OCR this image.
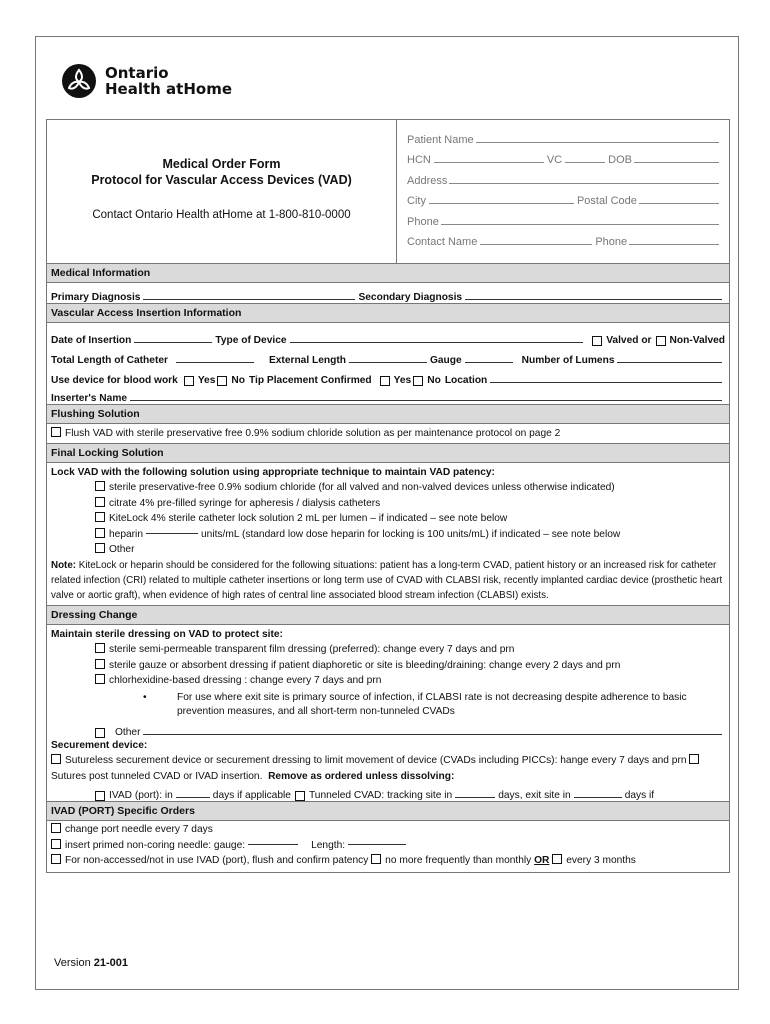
Ontario
Health atHome
Medical Order Form
Protocol for Vascular Access Devices (VAD)
Contact Ontario Health atHome at 1-800-810-0000
Patient Name
HCN	VC	DOB
Address
City	Postal Code
Phone
Contact Name	Phone
Medical Information
Primary Diagnosis	Secondary Diagnosis
Vascular Access Insertion Information
Date of Insertion	Type of Device	Valved or Non-Valved
Total Length of Catheter	External Length	Gauge	Number of Lumens
Use device for blood work Yes No Tip Placement Confirmed Yes No Location
Inserter's Name
Flushing Solution
Flush VAD with sterile preservative free 0.9% sodium chloride solution as per maintenance protocol on page 2
Final Locking Solution
Lock VAD with the following solution using appropriate technique to maintain VAD patency:
sterile preservative-free 0.9% sodium chloride (for all valved and non-valved devices unless otherwise indicated)
citrate 4% pre-filled syringe for apheresis / dialysis catheters
KiteLock 4% sterile catheter lock solution 2 mL per lumen – if indicated – see note below
heparin	units/mL (standard low dose heparin for locking is 100 units/mL) if indicated – see note below
Other
Note: KiteLock or heparin should be considered for the following situations: patient has a long-term CVAD, patient history or an increased risk for catheter related infection (CRI) related to multiple catheter insertions or long term use of CVAD with CLABSI risk, recently implanted cardiac device (prosthetic heart valve or aortic graft), when evidence of high rates of central line associated blood stream infection (CLABSI) exists.
Dressing Change
Maintain sterile dressing on VAD to protect site:
sterile semi-permeable transparent film dressing (preferred): change every 7 days and prn
sterile gauze or absorbent dressing if patient diaphoretic or site is bleeding/draining: change every 2 days and prn
chlorhexidine-based dressing : change every 7 days and prn
• For use where exit site is primary source of infection, if CLABSI rate is not decreasing despite adherence to basic prevention measures, and all short-term non-tunneled CVADs
Other
Securement device:
Sutureless securement device or securement dressing to limit movement of device (CVADs including PICCs): hange every 7 days and prn
Sutures post tunneled CVAD or IVAD insertion. Remove as ordered unless dissolving:
IVAD (port): in	days if applicable Tunneled CVAD: tracking site in	days, exit site in	days if
IVAD (PORT) Specific Orders
change port needle every 7 days
insert primed non-coring needle: gauge:	Length:
For non-accessed/not in use IVAD (port), flush and confirm patency no more frequently than monthly OR every 3 months
Version 21-001
